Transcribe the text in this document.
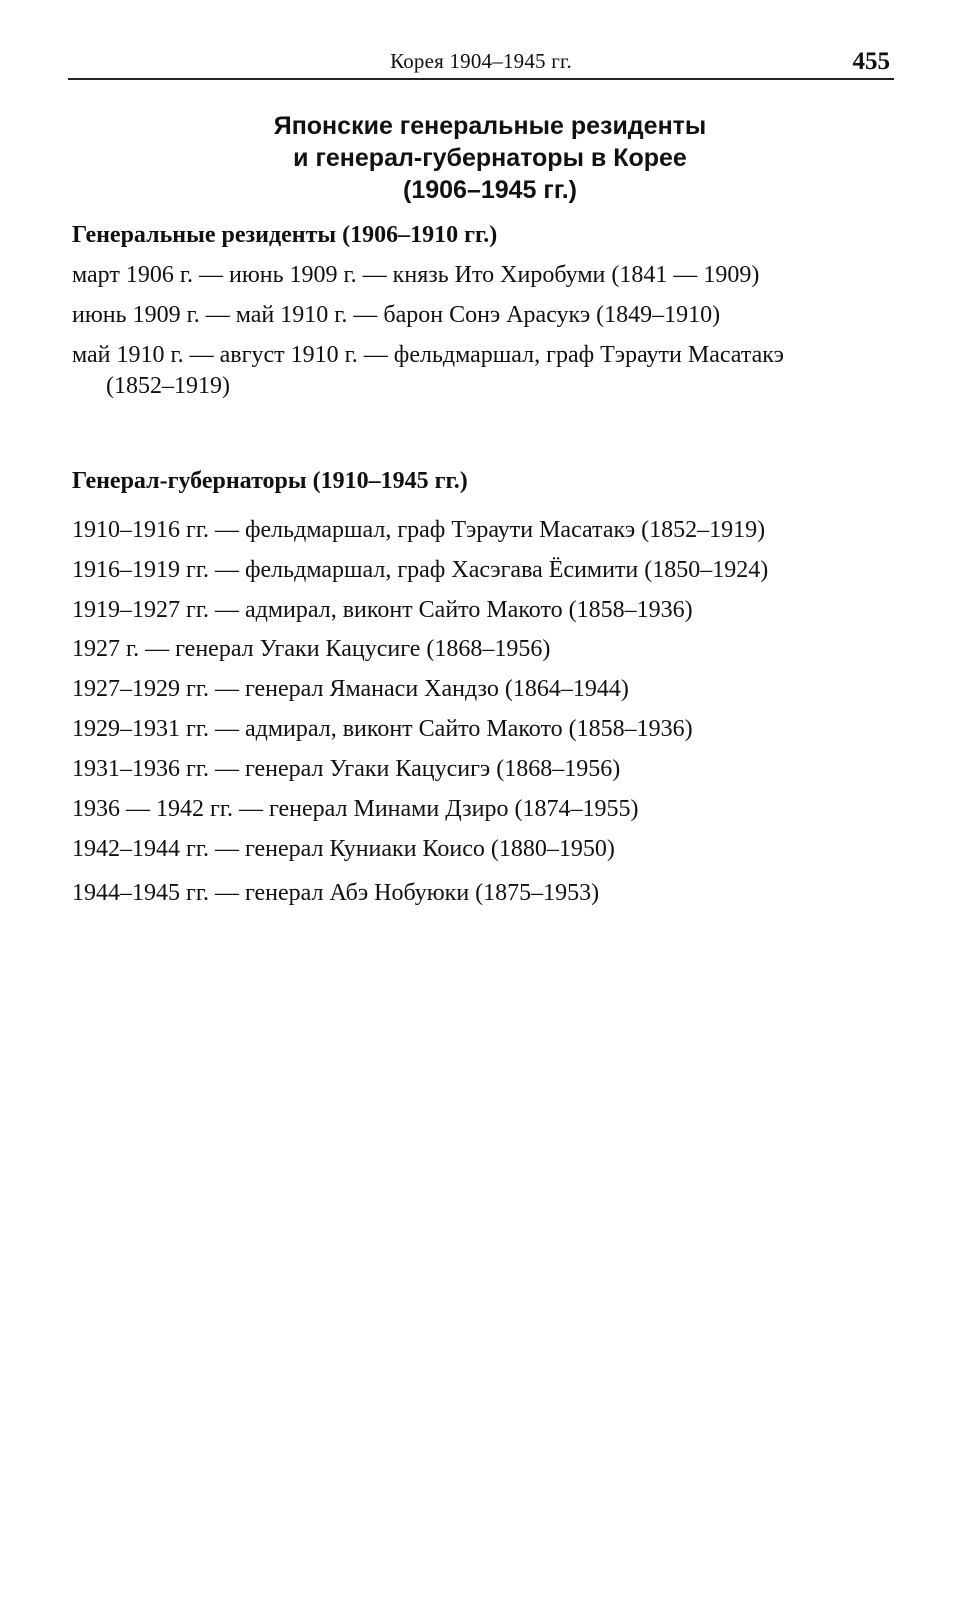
Корея 1904–1945 гг.	455
Японские генеральные резиденты
и генерал-губернаторы в Корее
(1906–1945 гг.)
Генеральные резиденты (1906–1910 гг.)
март 1906 г. — июнь 1909 г. — князь Ито Хиробуми (1841 — 1909)
июнь 1909 г. — май 1910 г. — барон Сонэ Арасукэ (1849–1910)
май 1910 г. — август 1910 г. — фельдмаршал, граф Тэраути Масатакэ
(1852–1919)
Генерал-губернаторы (1910–1945 гг.)
1910–1916 гг. — фельдмаршал, граф Тэраути Масатакэ (1852–1919)
1916–1919 гг. — фельдмаршал, граф Хасэгава Ёсимити (1850–1924)
1919–1927 гг. — адмирал, виконт Сайто Макото (1858–1936)
1927 г. — генерал Угаки Кацусиге (1868–1956)
1927–1929 гг. — генерал Яманаси Хандзо (1864–1944)
1929–1931 гг. — адмирал, виконт Сайто Макото (1858–1936)
1931–1936 гг. — генерал Угаки Кацусигэ (1868–1956)
1936 — 1942 гг. — генерал Минами Дзиро (1874–1955)
1942–1944 гг. — генерал Куниаки Коисо (1880–1950)
1944–1945 гг. — генерал Абэ Нобуюки (1875–1953)
